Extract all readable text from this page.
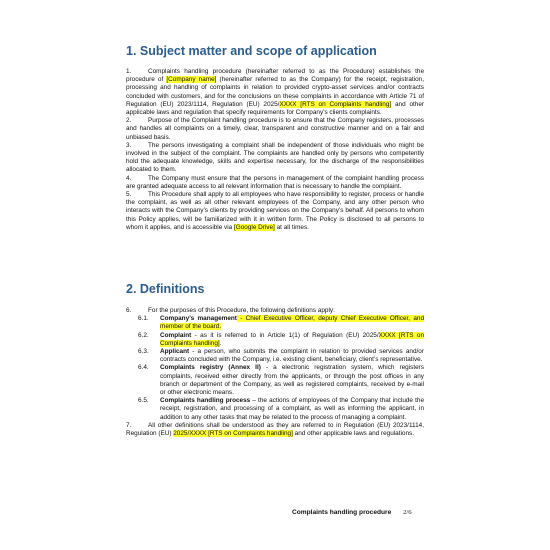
1. Subject matter and scope of application

1.	Complaints handling procedure (hereinafter referred to as the Procedure) establishes the procedure of [Company name] (hereinafter referred to as the Company) for the receipt, registration, processing and handling of complaints in relation to provided crypto-asset services and/or contracts concluded with customers, and for the conclusions on these complaints in accordance with Article 71 of Regulation (EU) 2023/1114, Regulation (EU) 2025/XXXX [RTS on Complaints handling] and other applicable laws and regulation that specify requirements for Company’s clients complaints.

2.	Purpose of the Complaint handling procedure is to ensure that the Company registers, processes and handles all complaints on a timely, clear, transparent and constructive manner and on a fair and unbiased basis.

3.	The persons investigating a complaint shall be independent of those individuals who might be involved in the subject of the complaint. The complaints are handled only by persons who competently hold the adequate knowledge, skills and expertise necessary, for the discharge of the responsibilities allocated to them.

4.	The Company must ensure that the persons in management of the complaint handling process are granted adequate access to all relevant information that is necessary to handle the complaint.

5.	This Procedure shall apply to all employees who have responsibility to register, process or handle the complaint, as well as all other relevant employees of the Company, and any other person who interacts with the Company’s clients by providing services on the Company’s behalf. All persons to whom this Policy applies, will be familiarized with it in written form. The Policy is disclosed to all persons to whom it applies, and is accessible via [Google Drive] at all times.

2. Definitions

6.	For the purposes of this Procedure, the following definitions apply:

6.1. Company’s management - Chief Executive Officer, deputy Chief Executive Officer, and member of the board.

6.2. Complaint - as it is referred to in Article 1(1) of Regulation (EU) 2025/XXXX [RTS on Complaints handling].

6.3. Applicant - a person, who submits the complaint in relation to provided services and/or contracts concluded with the Company, i.e. existing client, beneficiary, client’s representative.

6.4. Complaints registry (Annex II) - a electronic registration system, which registers complaints, received either directly from the applicants, or through the post offices in any branch or department of the Company, as well as registered complaints, received by e-mail or other electronic means.

6.5. Complaints handling process – the actions of employees of the Company that include the receipt, registration, and processing of a complaint, as well as informing the applicant, in addition to any other tasks that may be related to the process of managing a complaint.

7.	All other definitions shall be understood as they are referred to in Regulation (EU) 2023/1114, Regulation (EU) 2025/XXXX [RTS on Complaints handling] and other applicable laws and regulations.

Complaints handling procedure 2/6
